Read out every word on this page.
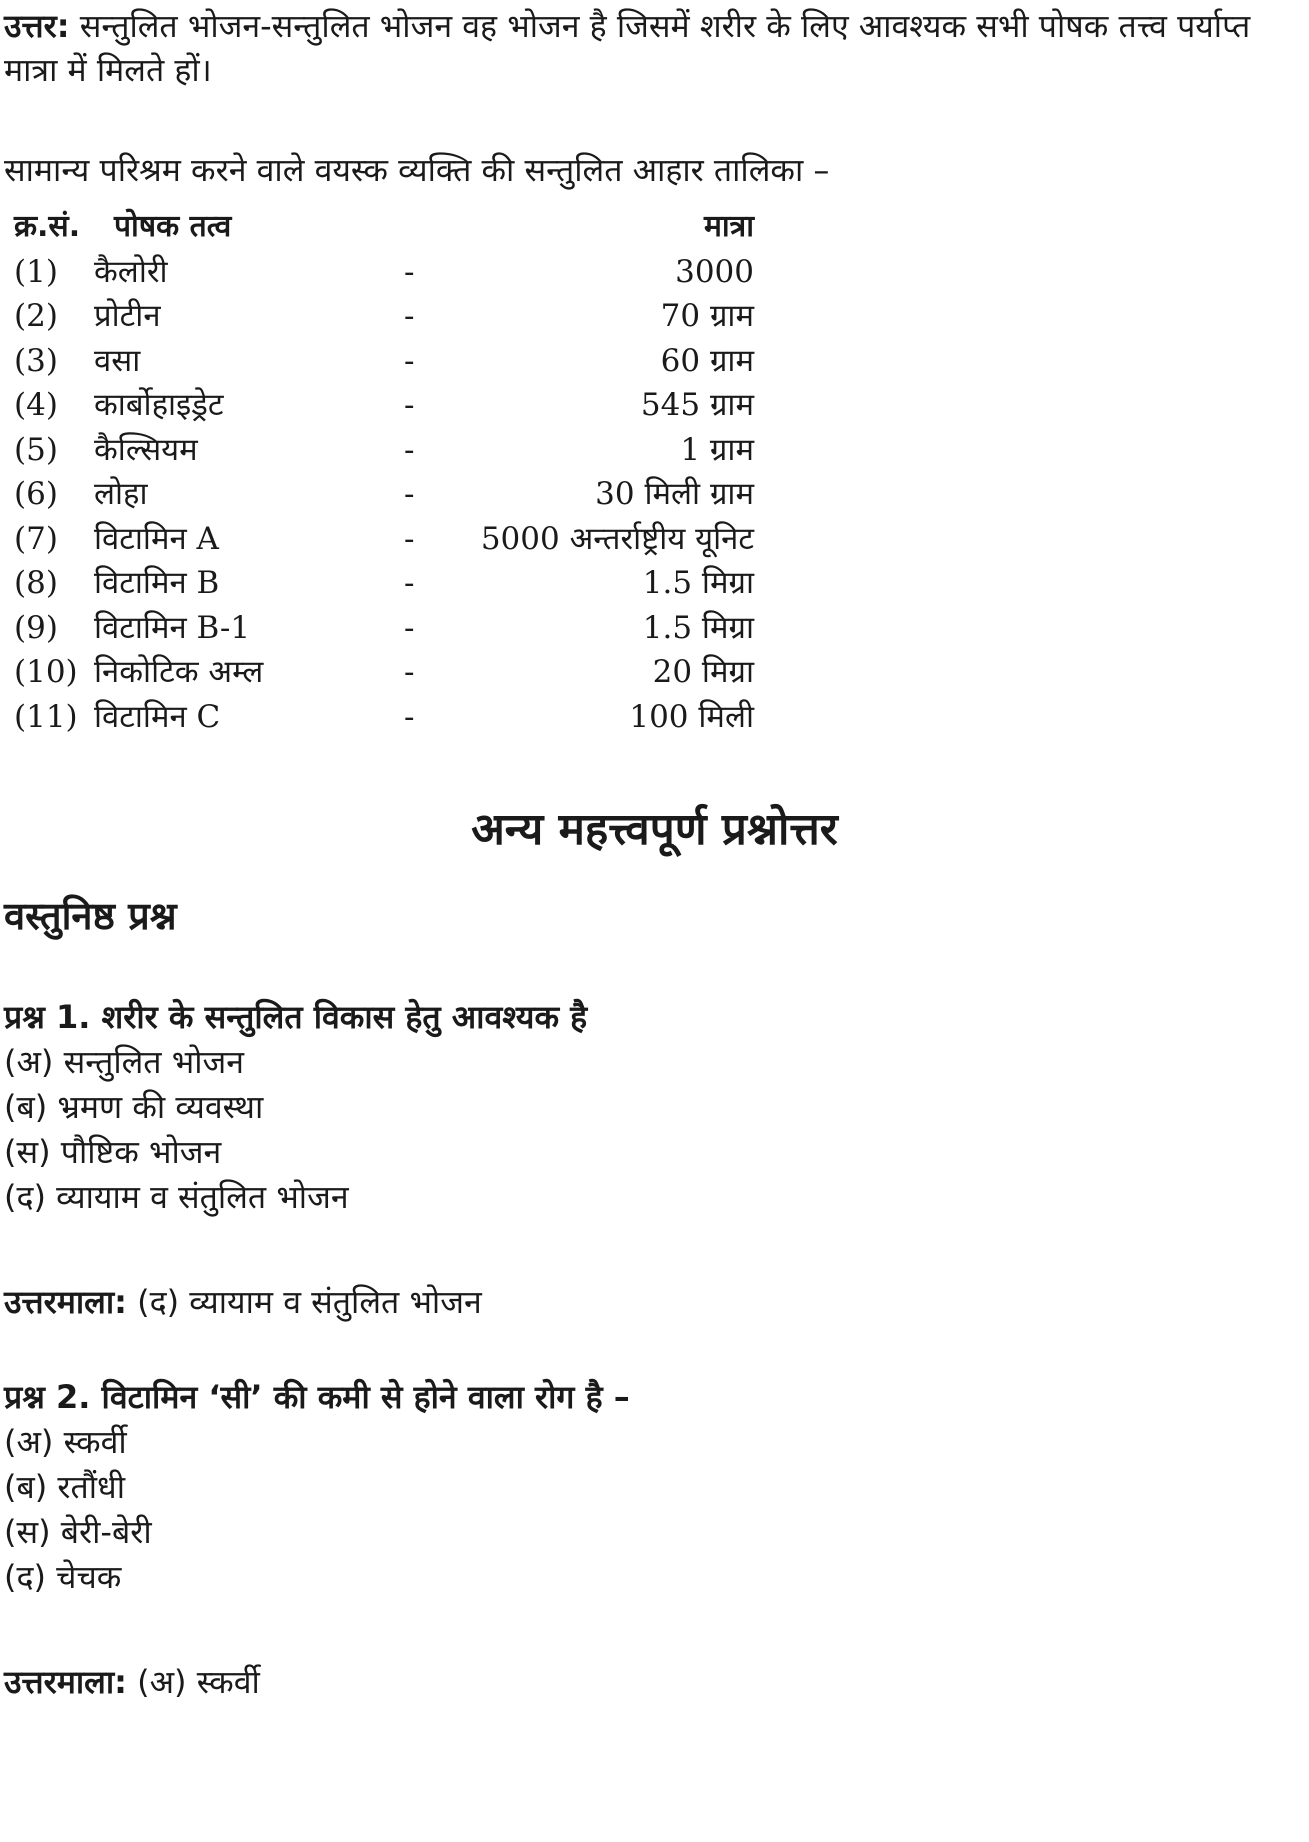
उत्तर: सन्तुलित भोजन-सन्तुलित भोजन वह भोजन है जिसमें शरीर के लिए आवश्यक सभी पोषक तत्त्व पर्याप्त मात्रा में मिलते हों।
सामान्य परिश्रम करने वाले वयस्क व्यक्ति की सन्तुलित आहार तालिका –
क्र.सं. पोषक तत्व	मात्रा
(1) कैलोरी	-	3000
(2) प्रोटीन	-	70 ग्राम
(3) वसा	-	60 ग्राम
(4) कार्बोहाइड्रेट	-	545 ग्राम
(5) कैल्सियम	-	1 ग्राम
(6) लोहा	-	30 मिली ग्राम
(7) विटामिन A	- 5000 अन्तर्राष्ट्रीय यूनिट
(8) विटामिन B	-	1.5 मिग्रा
(9) विटामिन B-1	-	1.5 मिग्रा
(10) निकोटिक अम्ल	-	20 मिग्रा
(11) विटामिन C	-	100 मिली
अन्य महत्त्वपूर्ण प्रश्नोत्तर
वस्तुनिष्ठ प्रश्न
प्रश्न 1. शरीर के सन्तुलित विकास हेतु आवश्यक है
(अ) सन्तुलित भोजन
(ब) भ्रमण की व्यवस्था
(स) पौष्टिक भोजन
(द) व्यायाम व संतुलित भोजन
उत्तरमाला: (द) व्यायाम व संतुलित भोजन
प्रश्न 2. विटामिन ‘सी’ की कमी से होने वाला रोग है –
(अ) स्कर्वी
(ब) रतौंधी
(स) बेरी-बेरी
(द) चेचक
उत्तरमाला: (अ) स्कर्वी
